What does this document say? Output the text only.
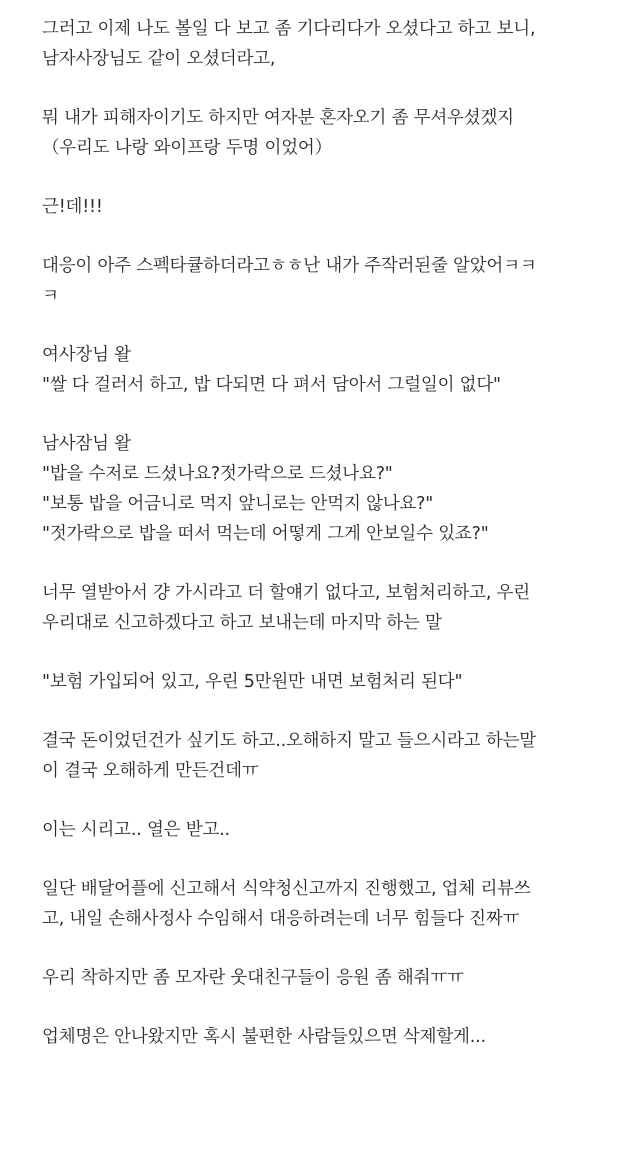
그러고 이제 나도 볼일 다 보고 좀 기다리다가 오셨다고 하고 보니,
남자사장님도 같이 오셨더라고,
뭐 내가 피해자이기도 하지만 여자분 혼자오기 좀 무셔우셨겠지
（우리도 나랑 와이프랑 두명 이었어）
근!데!!!
대응이 아주 스펙타큘하더라고ㅎㅎ난 내가 주작러된줄 알았어ㅋㅋ
ㅋ
여사장님 왈
"쌀 다 걸러서 하고, 밥 다되면 다 펴서 담아서 그럴일이 없다"
남사잠님 왈
"밥을 수저로 드셨나요?젓가락으로 드셨나요?"
"보통 밥을 어금니로 먹지 앞니로는 안먹지 않나요?"
"젓가락으로 밥을 떠서 먹는데 어떻게 그게 안보일수 있죠?"
너무 열받아서 걍 가시라고 더 할얘기 없다고, 보험처리하고, 우린
우리대로 신고하겠다고 하고 보내는데 마지막 하는 말
"보험 가입되어 있고, 우린 5만원만 내면 보험처리 된다"
결국 돈이었던건가 싶기도 하고..오해하지 말고 들으시라고 하는말
이 결국 오해하게 만든건데ㅠ
이는 시리고.. 열은 받고..
일단 배달어플에 신고해서 식약청신고까지 진행했고, 업체 리뷰쓰
고, 내일 손해사정사 수임해서 대응하려는데 너무 힘들다 진짜ㅠ
우리 착하지만 좀 모자란 웃대친구들이 응원 좀 해줘ㅠㅠ
업체명은 안나왔지만 혹시 불편한 사람들있으면 삭제할게...
